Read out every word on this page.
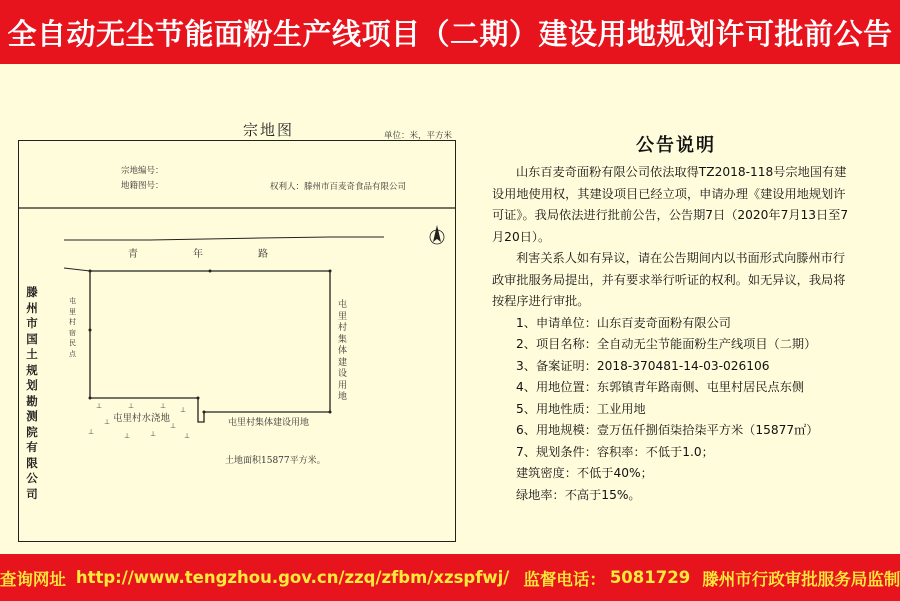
全自动无尘节能面粉生产线项目（二期）建设用地规划许可批前公告
宗地图	单位：米，平方米
宗地编号：
地籍图号：	权利人：滕州市百麦奇食品有限公司
青	年	路
屯里村宿民点
屯里村集体建设用地
屯里村水浇地	屯里村集体建设用地
土地面积15877平方米。
⊥	⊥	⊥ ⊥
⊥	⊥
⊥	⊥	⊥	⊥
滕州市国土规划勘测院有限公司
公告说明

山东百麦奇面粉有限公司依法取得TZ2018-118号宗地国有建设用地使用权，其建设项目已经立项，申请办理《建设用地规划许可证》。我局依法进行批前公告，公告期7日（2020年7月13日至7月20日）。

利害关系人如有异议，请在公告期间内以书面形式向滕州市行政审批服务局提出，并有要求举行听证的权利。如无异议，我局将按程序进行审批。

1、申请单位：山东百麦奇面粉有限公司

2、项目名称：全自动无尘节能面粉生产线项目（二期）

3、备案证明：2018-370481-14-03-026106

4、用地位置：东郭镇青年路南侧、屯里村居民点东侧

5、用地性质：工业用地

6、用地规模：壹万伍仟捌佰柒拾柒平方米（15877㎡）

7、规划条件：容积率：不低于1.0；

建筑密度：不低于40%；

绿地率：不高于15%。

查询网址 http://www.tengzhou.gov.cn/zzq/zfbm/xzspfwj/ 监督电话： 5081729 滕州市行政审批服务局监制
